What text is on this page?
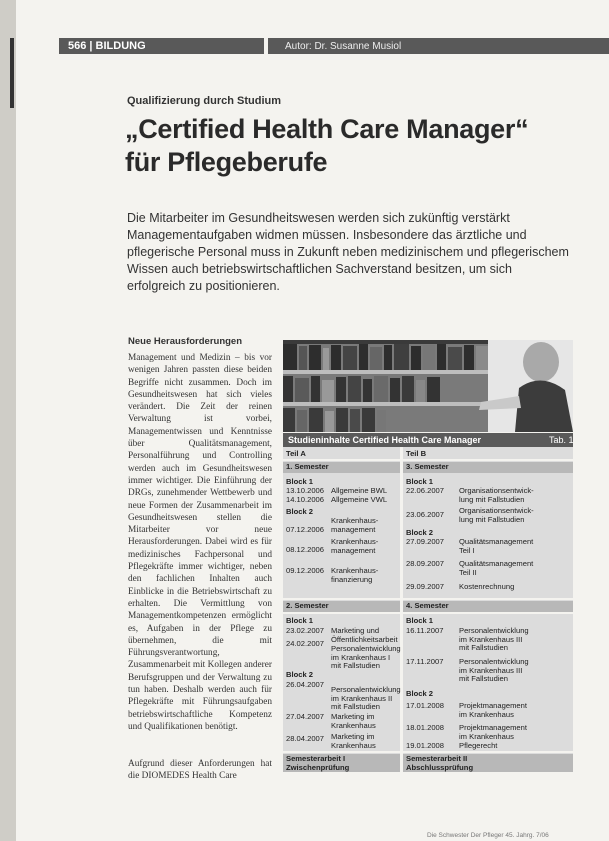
566 | BILDUNG	Autor: Dr. Susanne Musiol
Qualifizierung durch Studium
„Certified Health Care Manager“
für Pflegeberufe
Die Mitarbeiter im Gesundheitswesen werden sich zukünftig verstärkt Managementaufgaben widmen müssen. Insbesondere das ärztliche und pflegerische Personal muss in Zukunft neben medizinischem und pflegerischem Wissen auch betriebswirtschaftlichen Sachverstand besitzen, um sich erfolgreich zu positionieren.
Neue Herausforderungen
Management und Medizin – bis vor wenigen Jahren passten diese beiden Begriffe nicht zusammen. Doch im Gesundheitswesen hat sich vieles verändert. Die Zeit der reinen Verwaltung ist vorbei, Managementwissen und Kenntnisse über Qualitätsmanagement, Personalführung und Controlling werden auch im Gesundheitswesen immer wichtiger. Die Einführung der DRGs, zunehmender Wettbewerb und neue Formen der Zusammenarbeit im Gesundheitswesen stellen die Mitarbeiter vor neue Herausforderungen. Dabei wird es für medizinisches Fachpersonal und Pflegekräfte immer wichtiger, neben den fachlichen Inhalten auch Einblicke in die Betriebswirtschaft zu erhalten. Die Vermittlung von Managementkompetenzen ermöglicht es, Aufgaben in der Pflege zu übernehmen, die mit Führungsverantwortung, Zusammenarbeit mit Kollegen anderer Berufsgruppen und der Verwaltung zu tun haben. Deshalb werden auch für Pflegekräfte mit Führungsaufgaben betriebswirtschaftliche Kompetenz und Qualifikationen benötigt.
Aufgrund dieser Anforderungen hat die DIOMEDES Health Care
Studieninhalte Certified Health Care Manager	Tab. 1
Teil A	Teil B
1. Semester
Block 1
13.10.2006 Allgemeine BWL
14.10.2006 Allgemeine VWL
Block 2
07.12.2006
Krankenhaus-
management
08.12.2006
Krankenhaus-
management
09.12.2006 Krankenhaus-
finanzierung
2. Semester
Block 1
23.02.2007 Marketing und
Öffentlichkeitsarbeit
24.02.2007
Personalentwicklung
im Krankenhaus I
mit Fallstudien
Block 2
26.04.2007
Personalentwicklung
im Krankenhaus II
mit Fallstudien
27.04.2007 Marketing im
Krankenhaus
28.04.2007 Marketing im
Krankenhaus
Semesterarbeit I
Zwischenprüfung
3. Semester
Block 1
22.06.2007 Organisationsentwick-
lung mit Fallstudien
23.06.2007 Organisationsentwick-
lung mit Fallstudien
Block 2
27.09.2007 Qualitätsmanagement
Teil I
28.09.2007 Qualitätsmanagement
Teil II
29.09.2007 Kostenrechnung
4. Semester
Block 1
16.11.2007 Personalentwicklung
im Krankenhaus III
mit Fallstudien
17.11.2007 Personalentwicklung
im Krankenhaus III
mit Fallstudien
Block 2
17.01.2008 Projektmanagement
im Krankenhaus
18.01.2008 Projektmanagement
im Krankenhaus
19.01.2008 Pflegerecht
Semesterarbeit II
Abschlussprüfung
Die Schwester Der Pfleger 45. Jahrg. 7/06
